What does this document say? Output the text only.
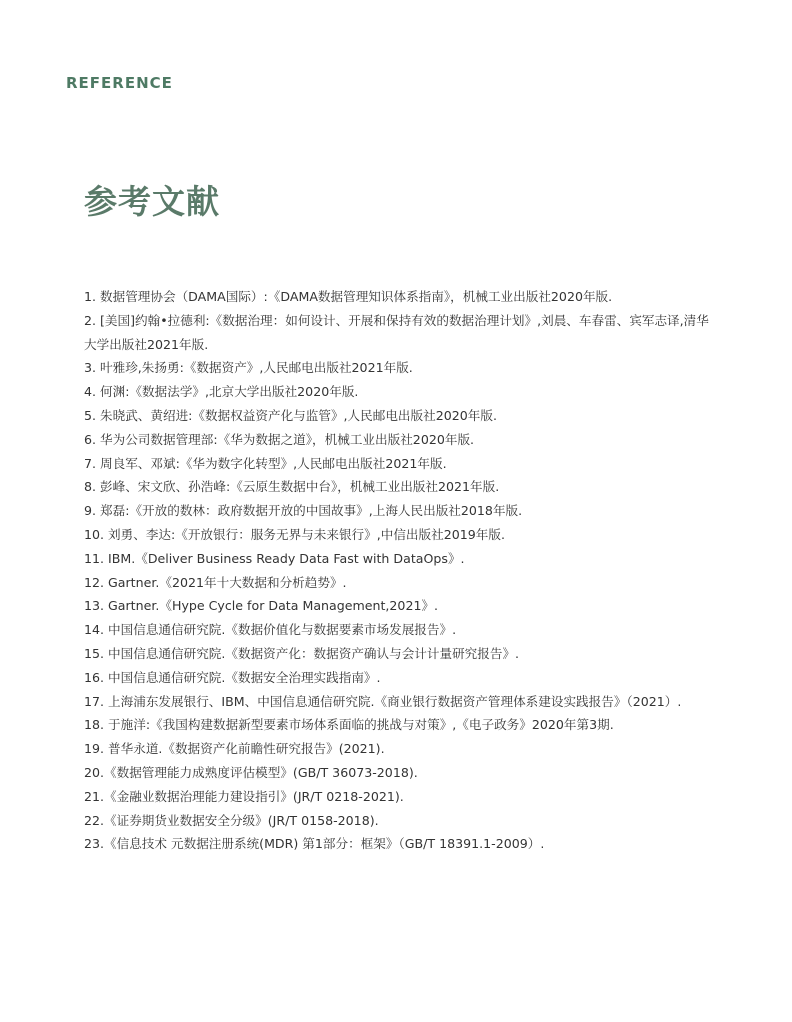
REFERENCE

参考文献
1. 数据管理协会（DAMA国际）:《DAMA数据管理知识体系指南》，机械工业出版社2020年版.
2. [美国]约翰•拉德利:《数据治理：如何设计、开展和保持有效的数据治理计划》,刘晨、车春雷、宾军志译,清华大学出版社2021年版.
3. 叶雅珍,朱扬勇:《数据资产》,人民邮电出版社2021年版.
4. 何渊:《数据法学》,北京大学出版社2020年版.
5. 朱晓武、黄绍进:《数据权益资产化与监管》,人民邮电出版社2020年版.
6. 华为公司数据管理部:《华为数据之道》，机械工业出版社2020年版.
7. 周良军、邓斌:《华为数字化转型》,人民邮电出版社2021年版.
8. 彭峰、宋文欣、孙浩峰:《云原生数据中台》，机械工业出版社2021年版.
9. 郑磊:《开放的数林：政府数据开放的中国故事》,上海人民出版社2018年版.
10. 刘勇、李达:《开放银行：服务无界与未来银行》,中信出版社2019年版.
11. IBM.《Deliver Business Ready Data Fast with DataOps》.
12. Gartner.《2021年十大数据和分析趋势》.
13. Gartner.《Hype Cycle for Data Management,2021》.
14. 中国信息通信研究院.《数据价值化与数据要素市场发展报告》.
15. 中国信息通信研究院.《数据资产化：数据资产确认与会计计量研究报告》.
16. 中国信息通信研究院.《数据安全治理实践指南》.
17. 上海浦东发展银行、IBM、中国信息通信研究院.《商业银行数据资产管理体系建设实践报告》（2021）.
18. 于施洋:《我国构建数据新型要素市场体系面临的挑战与对策》,《电子政务》2020年第3期.
19. 普华永道.《数据资产化前瞻性研究报告》(2021).
20.《数据管理能力成熟度评估模型》(GB/T 36073-2018).
21.《金融业数据治理能力建设指引》(JR/T 0218-2021).
22.《证券期货业数据安全分级》(JR/T 0158-2018).
23.《信息技术 元数据注册系统(MDR) 第1部分：框架》（GB/T 18391.1-2009）.
